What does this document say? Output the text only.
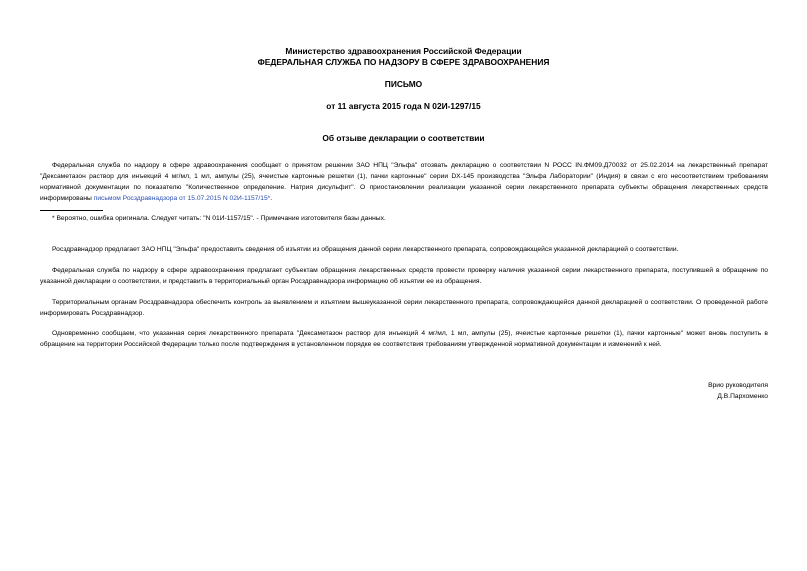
Министерство здравоохранения Российской Федерации
ФЕДЕРАЛЬНАЯ СЛУЖБА ПО НАДЗОРУ В СФЕРЕ ЗДРАВООХРАНЕНИЯ
ПИСЬМО
от 11 августа 2015 года N 02И-1297/15
Об отзыве декларации о соответствии
Федеральная служба по надзору в сфере здравоохранения сообщает о принятом решении ЗАО НПЦ "Эльфа" отозвать декларацию о соответствии N РОСС IN.ФМ09.Д70032 от 25.02.2014 на лекарственный препарат "Дексаметазон раствор для инъекций 4 мг/мл, 1 мл, ампулы (25), ячеистые картонные решетки (1), пачки картонные" серии DX-145 производства "Эльфа Лаборатории" (Индия) в связи с его несоответствием требованиям нормативной документации по показателю "Количественное определение. Натрия дисульфит". О приостановлении реализации указанной серии лекарственного препарата субъекты обращения лекарственных средств информированы письмом Росздравнадзора от 15.07.2015 N 02И-1157/15*.
* Вероятно, ошибка оригинала. Следует читать: "N 01И-1157/15". - Примечание изготовителя базы данных.
Росздравнадзор предлагает ЗАО НПЦ "Эльфа" предоставить сведения об изъятии из обращения данной серии лекарственного препарата, сопровождающейся указанной декларацией о соответствии.
Федеральная служба по надзору в сфере здравоохранения предлагает субъектам обращения лекарственных средств провести проверку наличия указанной серии лекарственного препарата, поступившей в обращение по указанной декларации о соответствии, и представить в территориальный орган Росздравнадзора информацию об изъятии ее из обращения.
Территориальным органам Росздравнадзора обеспечить контроль за выявлением и изъятием вышеуказанной серии лекарственного препарата, сопровождающейся данной декларацией о соответствии. О проведенной работе информировать Росздравнадзор.
Одновременно сообщаем, что указанная серия лекарственного препарата "Дексаметазон раствор для инъекций 4 мг/мл, 1 мл, ампулы (25), ячеистые картонные решетки (1), пачки картонные" может вновь поступить в обращение на территории Российской Федерации только после подтверждения в установленном порядке ее соответствия требованиям утвержденной нормативной документации и изменений к ней.
Врио руководителя
Д.В.Пархоменко
